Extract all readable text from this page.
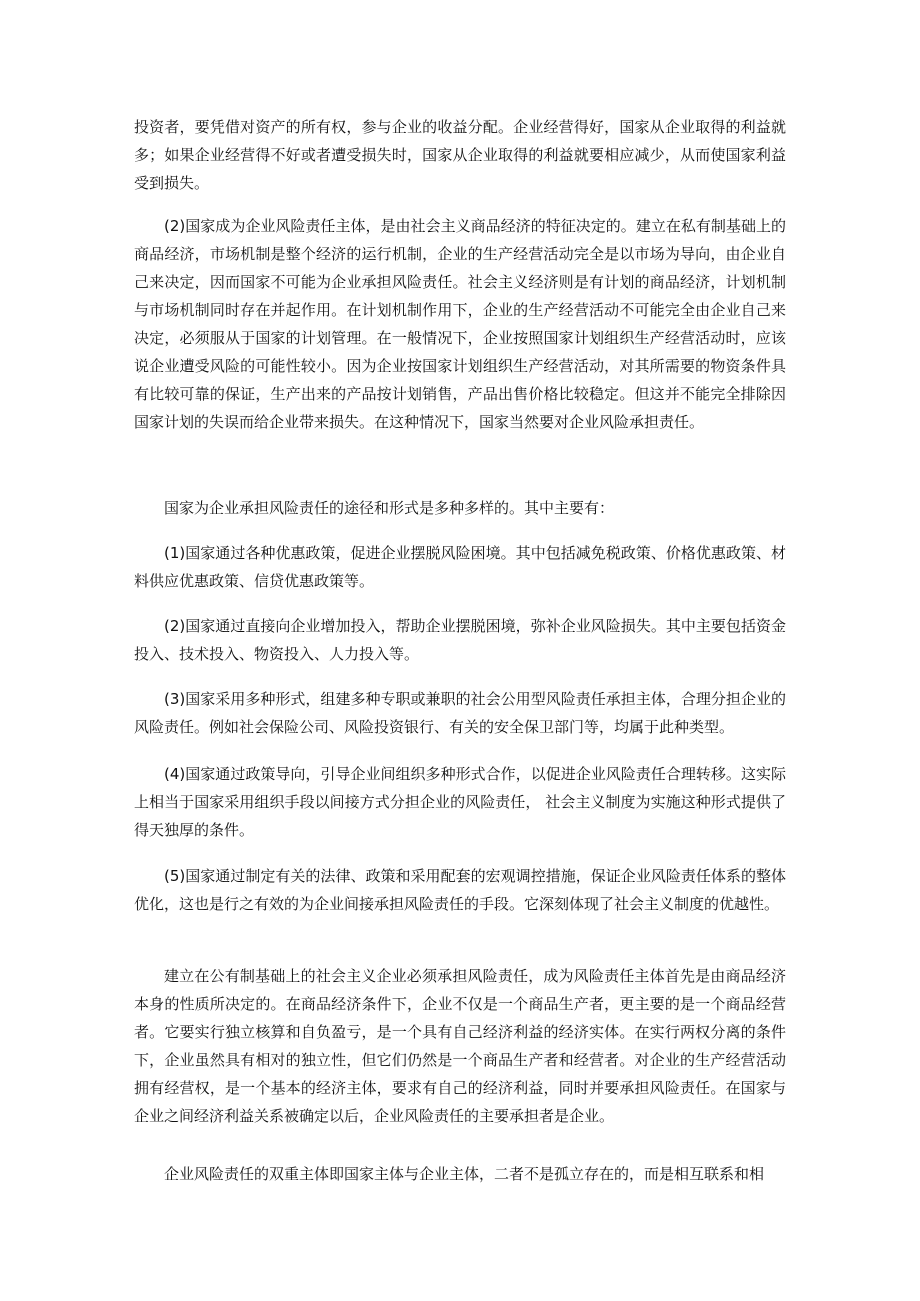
投资者，要凭借对资产的所有权，参与企业的收益分配。企业经营得好，国家从企业取得的利益就多；如果企业经营得不好或者遭受损失时，国家从企业取得的利益就要相应减少，从而使国家利益受到损失。

(2)国家成为企业风险责任主体，是由社会主义商品经济的特征决定的。建立在私有制基础上的商品经济，市场机制是整个经济的运行机制，企业的生产经营活动完全是以市场为导向，由企业自己来决定，因而国家不可能为企业承担风险责任。社会主义经济则是有计划的商品经济，计划机制与市场机制同时存在并起作用。在计划机制作用下，企业的生产经营活动不可能完全由企业自己来决定，必须服从于国家的计划管理。在一般情况下，企业按照国家计划组织生产经营活动时，应该说企业遭受风险的可能性较小。因为企业按国家计划组织生产经营活动，对其所需要的物资条件具有比较可靠的保证，生产出来的产品按计划销售，产品出售价格比较稳定。但这并不能完全排除因国家计划的失误而给企业带来损失。在这种情况下，国家当然要对企业风险承担责任。

国家为企业承担风险责任的途径和形式是多种多样的。其中主要有：

(1)国家通过各种优惠政策，促进企业摆脱风险困境。其中包括减免税政策、价格优惠政策、材料供应优惠政策、信贷优惠政策等。

(2)国家通过直接向企业增加投入，帮助企业摆脱困境，弥补企业风险损失。其中主要包括资金投入、技术投入、物资投入、人力投入等。

(3)国家采用多种形式，组建多种专职或兼职的社会公用型风险责任承担主体，合理分担企业的风险责任。例如社会保险公司、风险投资银行、有关的安全保卫部门等，均属于此种类型。

(4)国家通过政策导向，引导企业间组织多种形式合作，以促进企业风险责任合理转移。这实际上相当于国家采用组织手段以间接方式分担企业的风险责任， 社会主义制度为实施这种形式提供了得天独厚的条件。

(5)国家通过制定有关的法律、政策和采用配套的宏观调控措施，保证企业风险责任体系的整体优化，这也是行之有效的为企业间接承担风险责任的手段。它深刻体现了社会主义制度的优越性。

建立在公有制基础上的社会主义企业必须承担风险责任，成为风险责任主体首先是由商品经济本身的性质所决定的。在商品经济条件下，企业不仅是一个商品生产者，更主要的是一个商品经营者。它要实行独立核算和自负盈亏，是一个具有自己经济利益的经济实体。在实行两权分离的条件下，企业虽然具有相对的独立性，但它们仍然是一个商品生产者和经营者。对企业的生产经营活动拥有经营权，是一个基本的经济主体，要求有自己的经济利益，同时并要承担风险责任。在国家与企业之间经济利益关系被确定以后，企业风险责任的主要承担者是企业。

企业风险责任的双重主体即国家主体与企业主体，二者不是孤立存在的，而是相互联系和相
